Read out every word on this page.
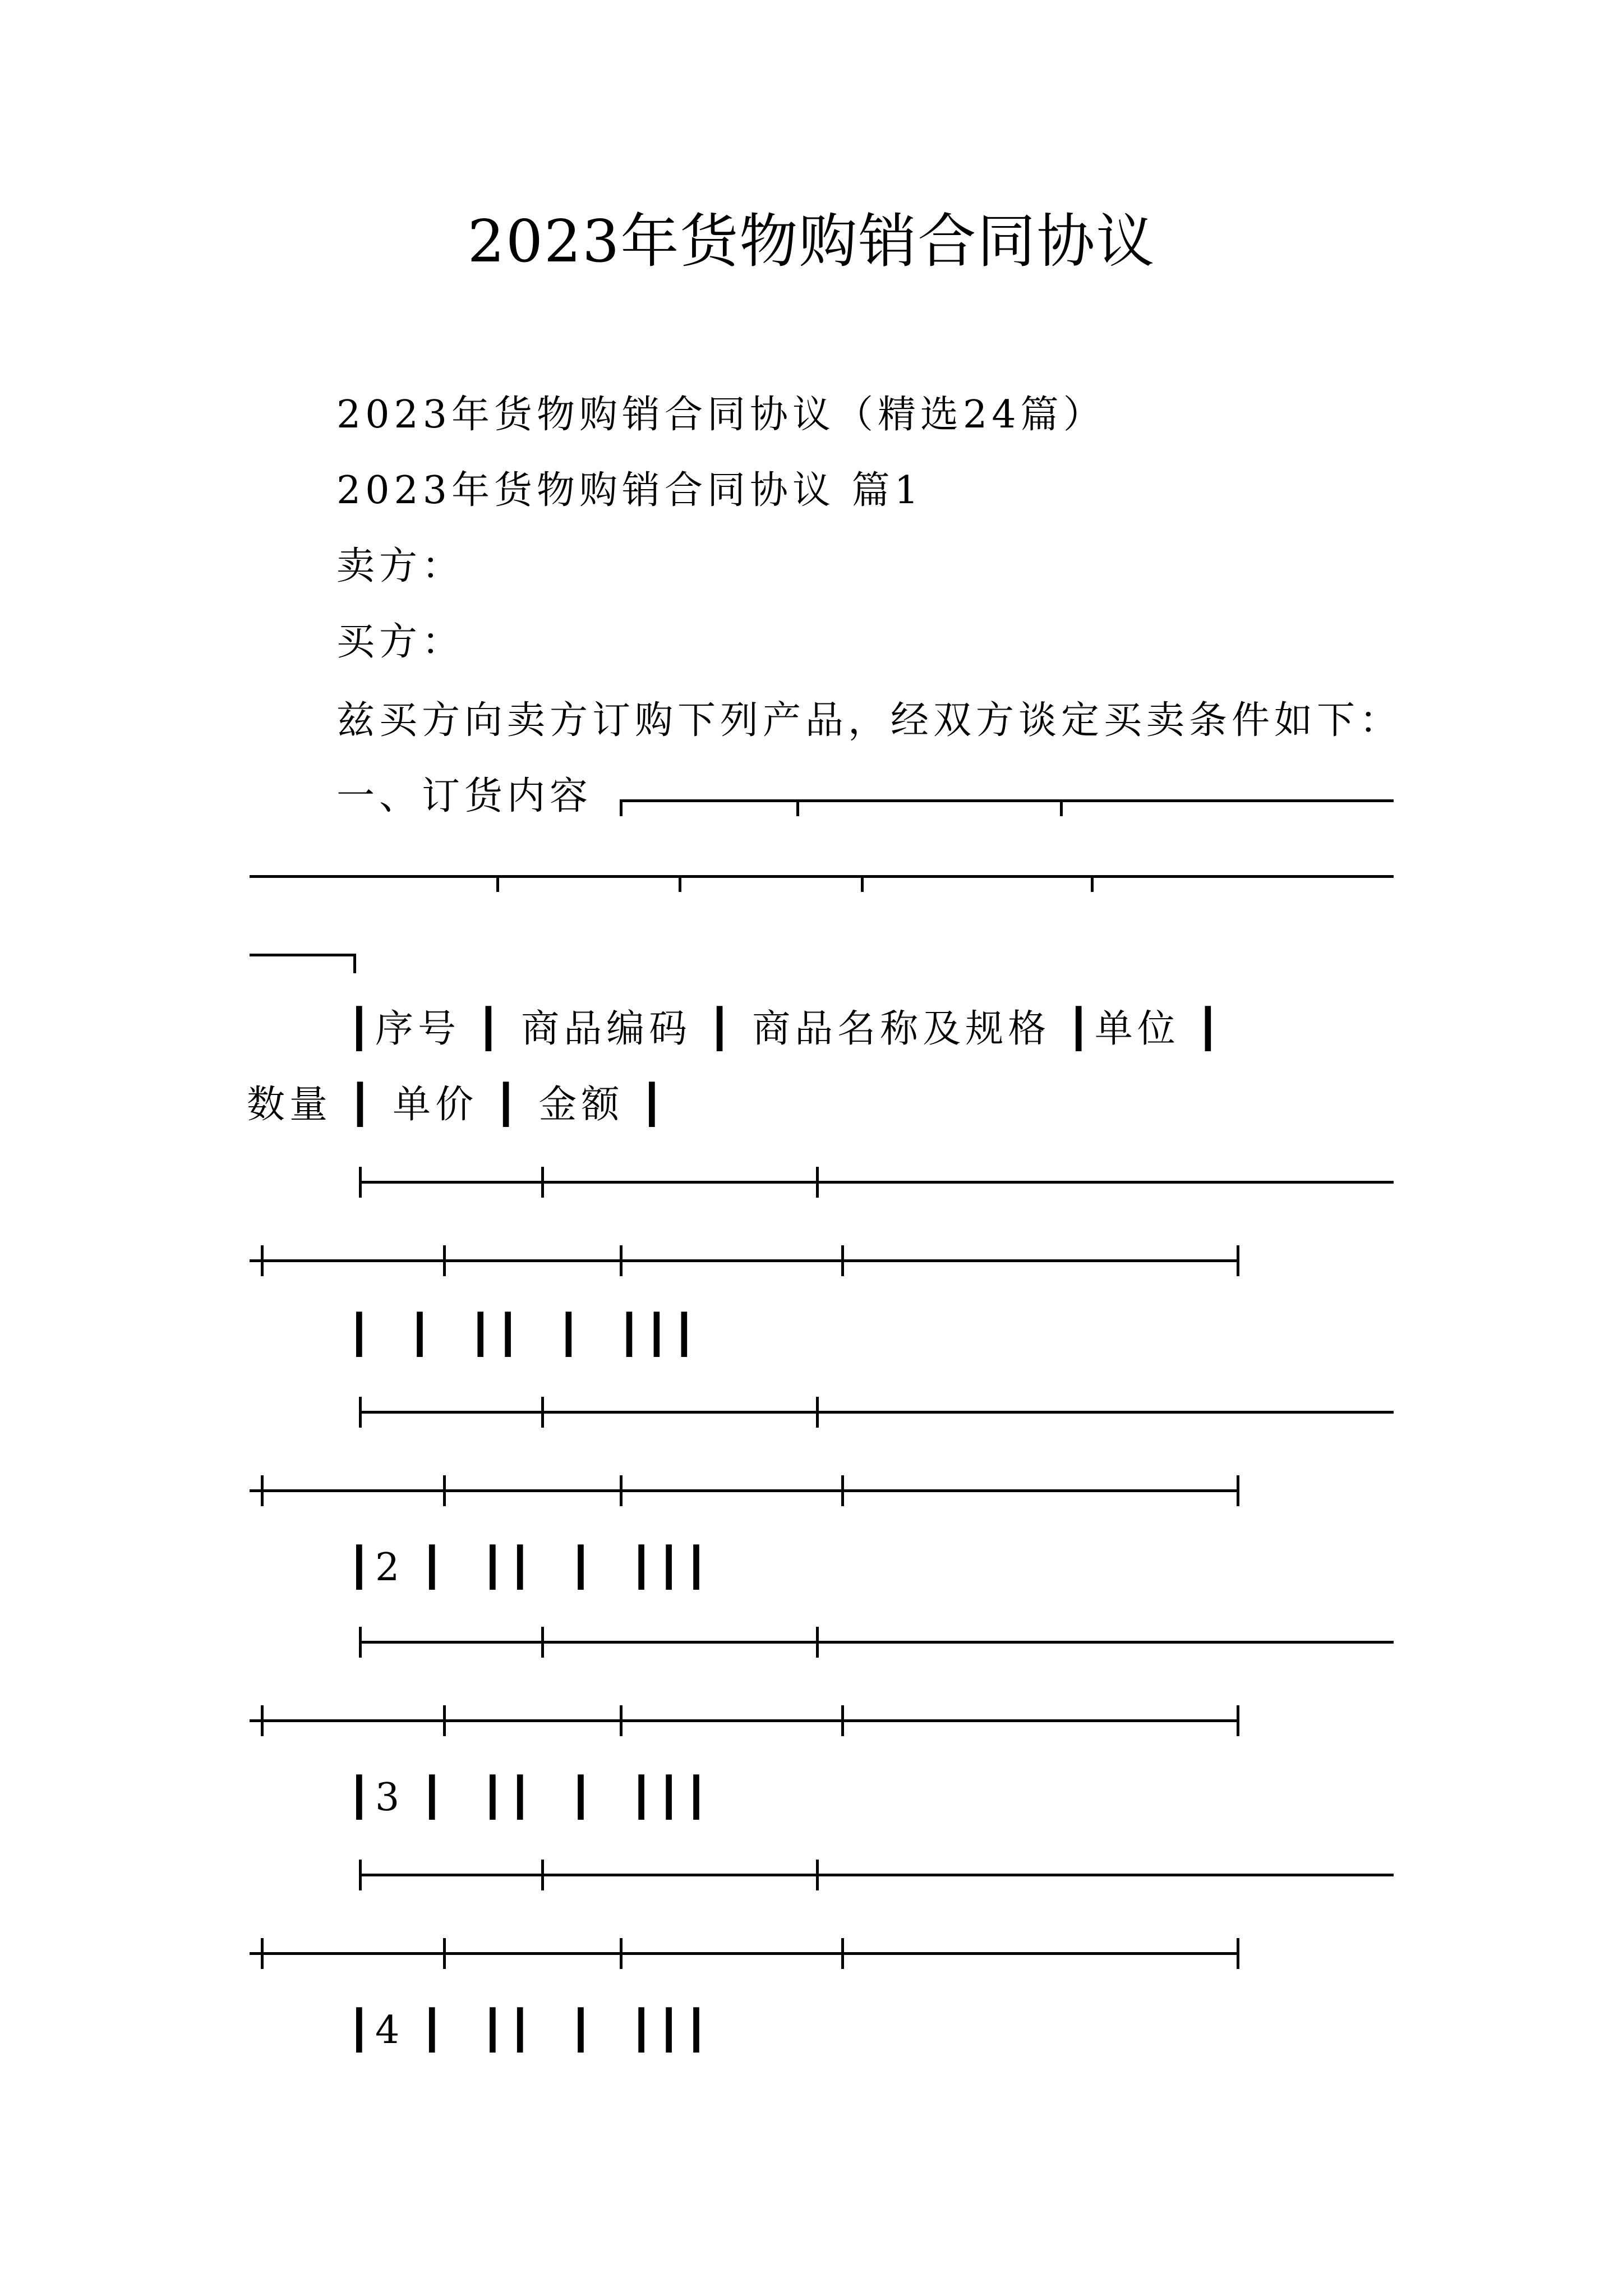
2023年货物购销合同协议
2023年货物购销合同协议（精选24篇）
2023年货物购销合同协议 篇1
卖方：
买方：
兹买方向卖方订购下列产品，经双方谈定买卖条件如下：
一、订货内容
┃序号 ┃ 商品编码 ┃ 商品名称及规格 ┃单位 ┃
数量 ┃ 单价 ┃ 金额 ┃
┃  ┃  ┃┃  ┃  ┃┃┃
┃2 ┃  ┃┃  ┃  ┃┃┃
┃3 ┃  ┃┃  ┃  ┃┃┃
┃4 ┃  ┃┃  ┃  ┃┃┃
